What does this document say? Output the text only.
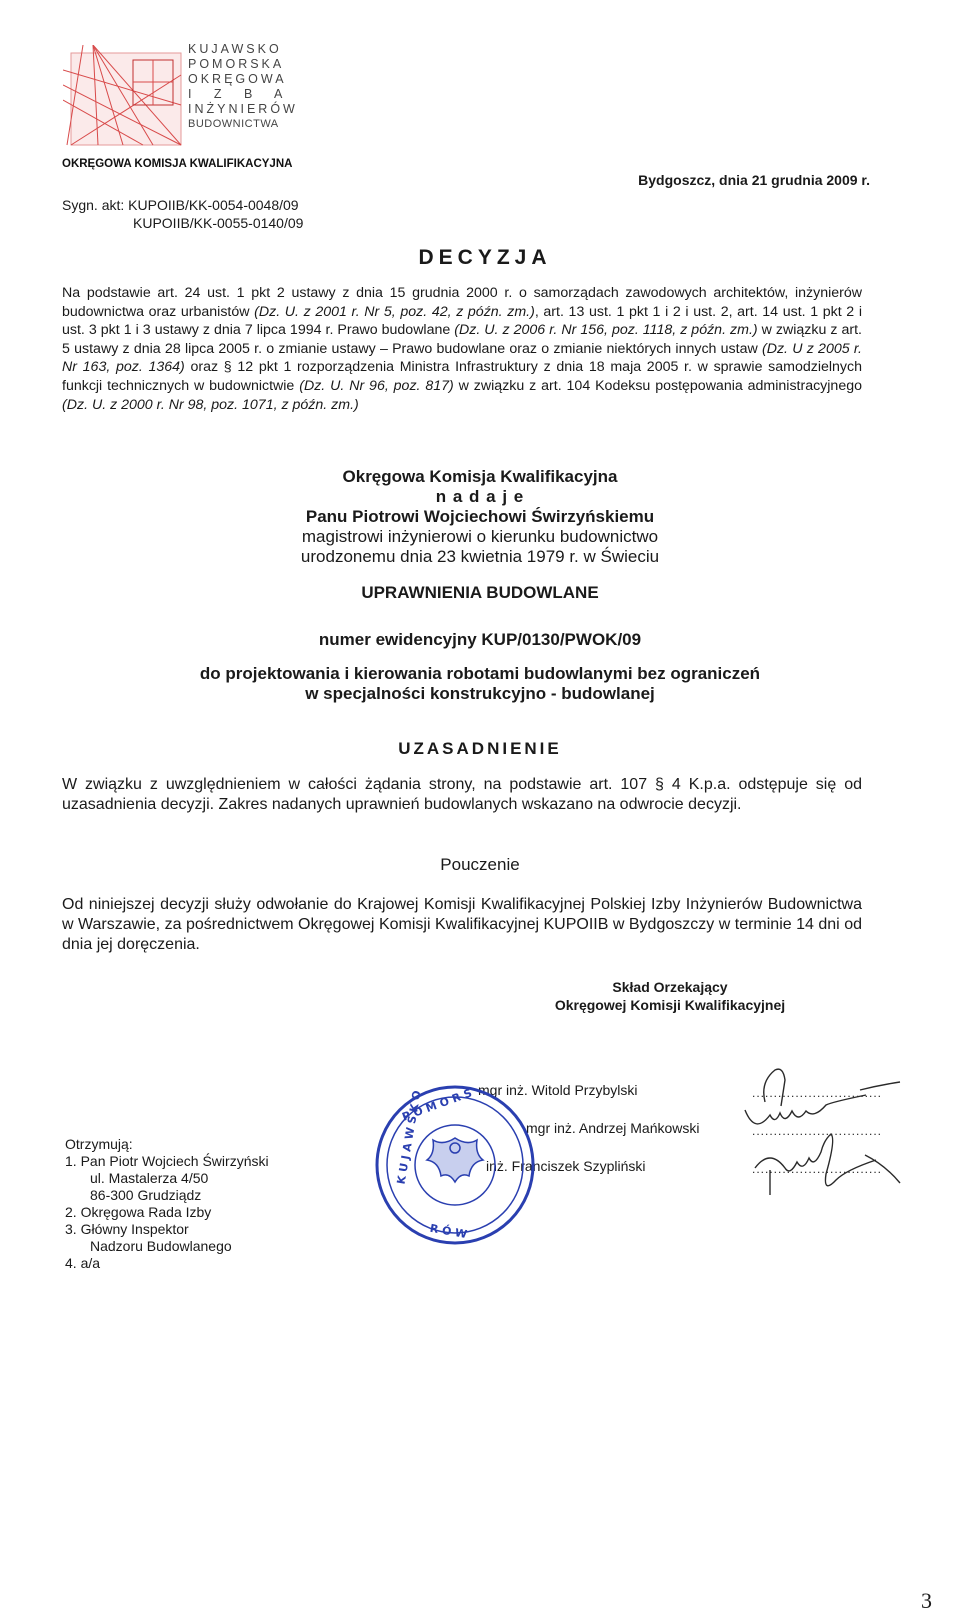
KUJAWSKO
POMORSKA
OKRĘGOWA
I   Z   B   A
INŻYNIERÓW
BUDOWNICTWA
OKRĘGOWA KOMISJA KWALIFIKACYJNA
Bydgoszcz, dnia 21 grudnia 2009 r.
Sygn. akt: KUPOIIB/KK-0054-0048/09
KUPOIIB/KK-0055-0140/09
DECYZJA
Na podstawie art. 24 ust. 1 pkt 2 ustawy z dnia 15 grudnia 2000 r. o samorządach zawodowych architektów, inżynierów budownictwa oraz urbanistów (Dz. U. z 2001 r. Nr 5, poz. 42, z późn. zm.), art. 13 ust. 1 pkt 1 i 2 i ust. 2, art. 14 ust. 1 pkt 2 i ust. 3 pkt 1 i 3 ustawy z dnia 7 lipca 1994 r. Prawo budowlane (Dz. U. z 2006 r. Nr 156, poz. 1118, z późn. zm.) w związku z art. 5 ustawy z dnia 28 lipca 2005 r. o zmianie ustawy – Prawo budowlane oraz o zmianie niektórych innych ustaw (Dz. U z 2005 r. Nr 163, poz. 1364) oraz § 12 pkt 1 rozporządzenia Ministra Infrastruktury z dnia 18 maja 2005 r. w sprawie samodzielnych funkcji technicznych w budownictwie (Dz. U. Nr 96, poz. 817) w związku z art. 104 Kodeksu postępowania administracyjnego (Dz. U. z 2000 r. Nr 98, poz. 1071, z późn. zm.)
Okręgowa Komisja Kwalifikacyjna
n a d a j e
Panu Piotrowi Wojciechowi Świrzyńskiemu
magistrowi inżynierowi o kierunku budownictwo
urodzonemu dnia 23 kwietnia 1979 r. w Świeciu
UPRAWNIENIA BUDOWLANE
numer ewidencyjny KUP/0130/PWOK/09
do projektowania i kierowania robotami budowlanymi bez ograniczeń
w specjalności konstrukcyjno - budowlanej
UZASADNIENIE
W związku z uwzględnieniem w całości żądania strony, na podstawie art. 107 § 4 K.p.a. odstępuje się od uzasadnienia decyzji. Zakres nadanych uprawnień budowlanych wskazano na odwrocie decyzji.
Pouczenie
Od niniejszej decyzji służy odwołanie do Krajowej Komisji Kwalifikacyjnej Polskiej Izby Inżynierów Budownictwa w Warszawie, za pośrednictwem Okręgowej Komisji Kwalifikacyjnej KUPOIIB w Bydgoszczy w terminie 14 dni od dnia jej doręczenia.
Skład Orzekający
Okręgowej Komisji Kwalifikacyjnej
mgr inż. Witold Przybylski
mgr inż. Andrzej Mańkowski
inż. Franciszek Szypliński
..............................
..............................
..............................
P O M O R S
K U J A W S K O
R Ó W
Otrzymują:
1. Pan Piotr Wojciech Świrzyński
ul. Mastalerza 4/50
86-300 Grudziądz
2. Okręgowa Rada Izby
3. Główny Inspektor
Nadzoru Budowlanego
4. a/a
3
